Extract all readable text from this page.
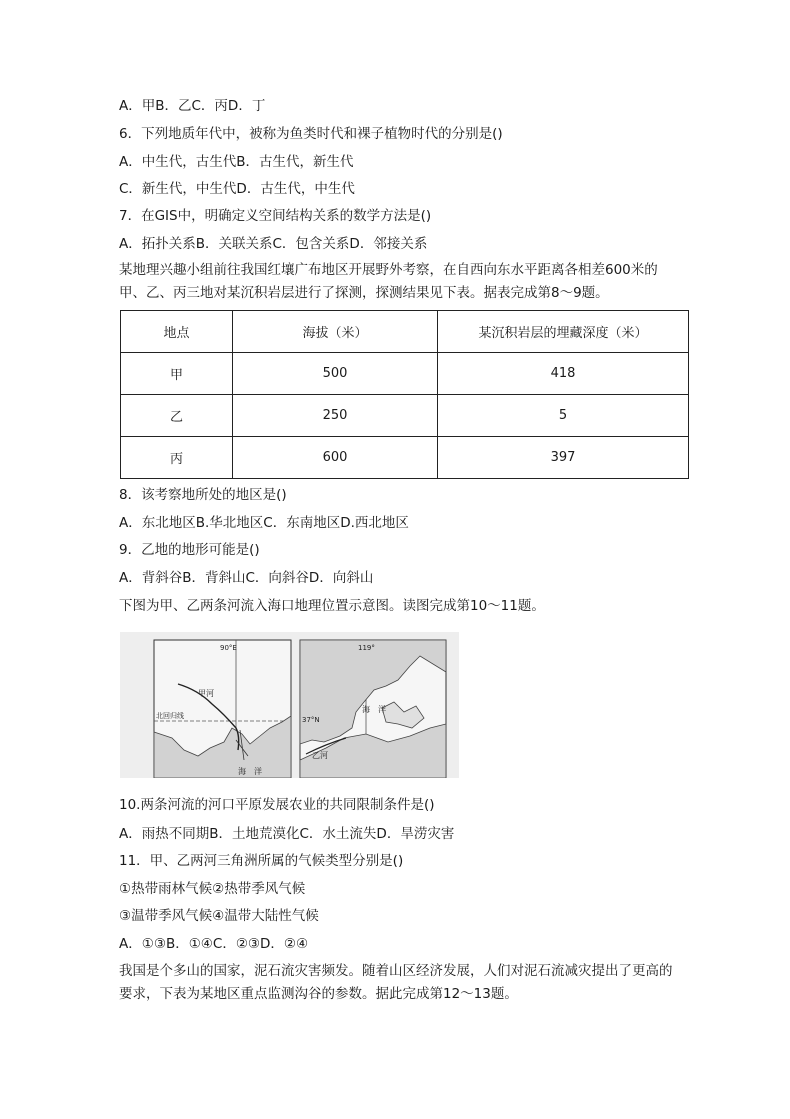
A．甲B．乙C．丙D．丁
6．下列地质年代中，被称为鱼类时代和裸子植物时代的分别是()
A．中生代，古生代B．古生代，新生代
C．新生代，中生代D．古生代，中生代
7．在GIS中，明确定义空间结构关系的数学方法是()
A．拓扑关系B．关联关系C．包含关系D．邻接关系
某地理兴趣小组前往我国红壤广布地区开展野外考察，在自西向东水平距离各相差600米的甲、乙、丙三地对某沉积岩层进行了探测，探测结果见下表。据表完成第8～9题。
地点	海拔（米）	某沉积岩层的埋藏深度（米）
甲	500	418
乙	250	5
丙	600	397
8．该考察地所处的地区是()
A．东北地区B.华北地区C．东南地区D.西北地区
9．乙地的地形可能是()
A．背斜谷B．背斜山C．向斜谷D．向斜山
下图为甲、乙两条河流入海口地理位置示意图。读图完成第10～11题。
90°E
甲河
北回归线
海　洋
119°
37°N
海　洋
乙河
10.两条河流的河口平原发展农业的共同限制条件是()
A．雨热不同期B．土地荒漠化C．水土流失D．旱涝灾害
11．甲、乙两河三角洲所属的气候类型分别是()
①热带雨林气候②热带季风气候
③温带季风气候④温带大陆性气候
A．①③B．①④C．②③D．②④
我国是个多山的国家，泥石流灾害频发。随着山区经济发展，人们对泥石流减灾提出了更高的要求，下表为某地区重点监测沟谷的参数。据此完成第12～13题。
